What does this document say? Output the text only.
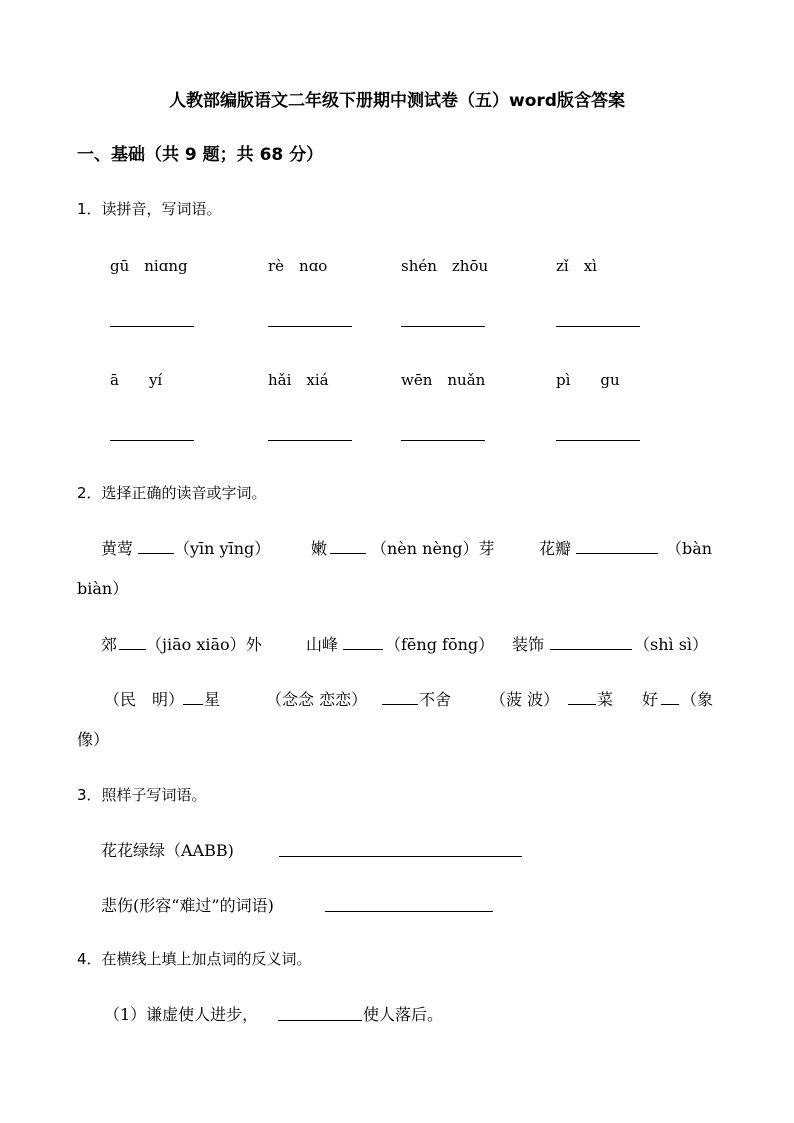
人教部编版语文二年级下册期中测试卷（五）word版含答案
一、基础（共 9 题；共 68 分）
1．读拼音，写词语。
gū　niɑng	rè　nɑo	shén　zhōu	zǐ　xì
ā　　yí	hǎi　xiá	wēn　nuǎn	pì　　gu
2．选择正确的读音或字词。
黄莺	（yīn yīng）	嫩	（nèn nèng）芽	花瓣	（bàn
biàn）
郊 （jiāo xiāo）外	山峰	（fēng fōng） 装饰	（shì sì）
（民　明） 星	（念念 恋恋）	不舍 （菠 波） 菜 好 （象
像）
3．照样子写词语。
花花绿绿（AABB)
悲伤(形容“难过”的词语)
4．在横线上填上加点词的反义词。
（1）谦虚使人进步，	使人落后。
